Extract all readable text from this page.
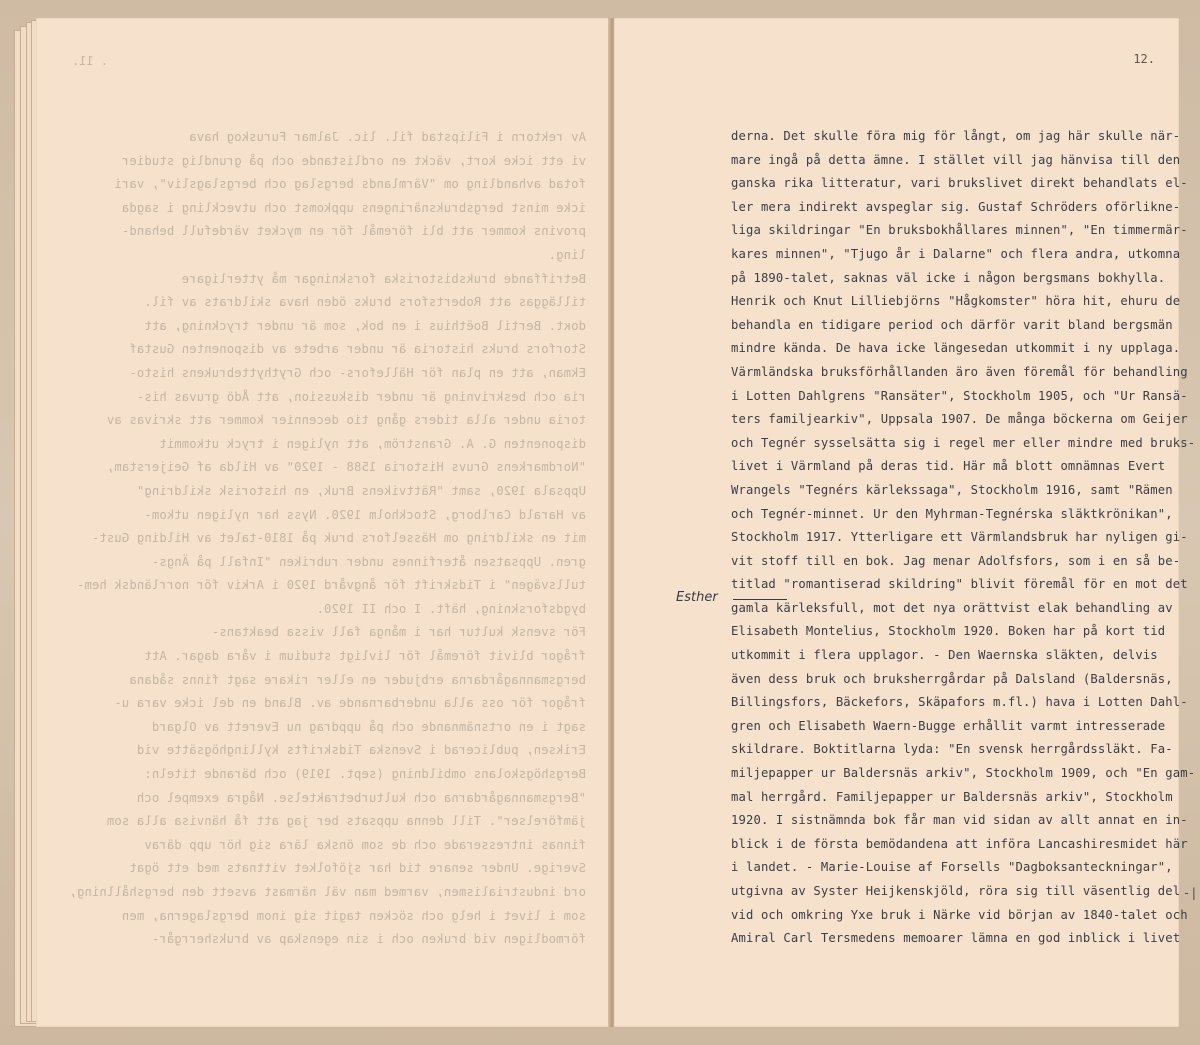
. 11.
Av rektorn i Filipstad fil. lic. Jalmar Furuskog hava
vi ett icke kort, väckt en ordlistande och på grundlig studier
fotad avhandling om "Värmlands bergslag och bergslagsliv", vari
icke minst bergsbruksnäringens uppkomst och utveckling i sagda
provins kommer att bli föremål för en mycket värdefull behand-
ling.
Betriffande bruksbistoriska forskningar må ytterligare
tilläggas att Robertsfors bruks öden hava skildrats av fil.
doкt. Bertil Boëthius i en bok, som är under tryckning, att
Storfors bruks historia är under arbete av disponenten Gustaf
Ekman, att en plan för Hällefors- och Grythyttebrukens histo-
ria och beskrivning är under diskussion, att Ådö gruvas his-
toria under alla tiders gång tio decennier kommer att skrivas av
disponenten G. A. Granström, att nyligen i tryck utkommit
"Nordmarkens Gruvs Historia 1588 - 1920" av Hilda af Geijerstam,
Uppsala 1920, samt "Rättvikens Bruk, en historisk skildring"
av Harald Carlborg, Stockholm 1920. Nyss har nyligen utkom-
mit en skildring om Hässelfors bruk på 1810-talet av Hilding Gust-
gren. Uppsatsen återfinnes under rubriken "Infall på Ängs-
tullsvägen" i Tidskrift för ångvård 1920 i Arkiv för norrländsk hem-
bygdsforskning, häft. I och II 1920.
För svensk kultur har i många fall vissa beaktans-
frågor blivit föremål för livligt studium i våra dagar. Att
bergsmannagårdarna erbjuder en eller rikare sagt finns sådana
frågor för oss alla underbarnande av. Bland en del icke vara u-
sagt i en ortsnämnande och på uppdrag nu Everett av Olgard
Eriksen, publicerad i Svenska Tidskrifts kyllinghögsätte vid
Bergshögskolans ombildning (sept. 1919) och bärande titeln:
"Bergsmannagårdarna och kulturbetraktelse. Några exempel och
jämförelser". Till denna uppsats ber jag att få hänvisa alla som
finnas intresserade och de som önska lära sig hör upp därav
Sverige. Under senare tid har sjöfolket vittnats med ett ögat
ord industrialismen, varmed man väl närmast avsett den bergshållning,
som i livet i helg och söcken tagit sig inom bergslagerna, men
förmodligen vid bruken och i sin egenskap av bruksherrgår-
12.
derna. Det skulle föra mig för långt, om jag här skulle när-
mare ingå på detta ämne. I stället vill jag hänvisa till den
ganska rika litteratur, vari brukslivet direkt behandlats el-
ler mera indirekt avspeglar sig. Gustaf Schröders oförlikne-
liga skildringar "En bruksbokhållares minnen", "En timmermär-
kares minnen", "Tjugo år i Dalarne" och flera andra, utkomna
på 1890-talet, saknas väl icke i någon bergsmans bokhylla.
Henrik och Knut Lilliebjörns "Hågkomster" höra hit, ehuru de
behandla en tidigare period och därför varit bland bergsmän
mindre kända. De hava icke längesedan utkommit i ny upplaga.
Värmländska bruksförhållanden äro även föremål för behandling
i Lotten Dahlgrens "Ransäter", Stockholm 1905, och "Ur Ransä-
ters familjearkiv", Uppsala 1907. De många böckerna om Geijer
och Tegnér sysselsätta sig i regel mer eller mindre med bruks-
livet i Värmland på deras tid. Här må blott omnämnas Evert
Wrangels "Tegnérs kärlekssaga", Stockholm 1916, samt "Rämen
och Tegnér-minnet. Ur den Myhrman-Tegnérska släktkrönikan",
Stockholm 1917. Ytterligare ett Värmlandsbruk har nyligen gi-
vit stoff till en bok. Jag menar Adolfsfors, som i en så be-
titlad "romantiserad skildring" blivit föremål för en mot det
gamla kärleksfull, mot det nya orättvist elak behandling av
Elisabeth Montelius, Stockholm 1920. Boken har på kort tid
utkommit i flera upplagor. - Den Waernska släkten, delvis
även dess bruk och bruksherrgårdar på Dalsland (Baldersnäs,
Billingsfors, Bäckefors, Skäpafors m.fl.) hava i Lotten Dahl-
gren och Elisabeth Waern-Bugge erhållit varmt intresserade
skildrare. Boktitlarna lyda: "En svensk herrgårdssläkt. Fa-
miljepapper ur Baldersnäs arkiv", Stockholm 1909, och "En gam-
mal herrgård. Familjepapper ur Baldersnäs arkiv", Stockholm
1920. I sistnämnda bok får man vid sidan av allt annat en in-
blick i de första bemödandena att införa Lancashiresmidet här
i landet. - Marie-Louise af Forsells "Dagboksanteckningar",
utgivna av Syster Heijkenskjöld, röra sig till väsentlig del
vid och omkring Yxe bruk i Närke vid början av 1840-talet och
Amiral Carl Tersmedens memoarer lämna en god inblick i livet
Esther
-|
